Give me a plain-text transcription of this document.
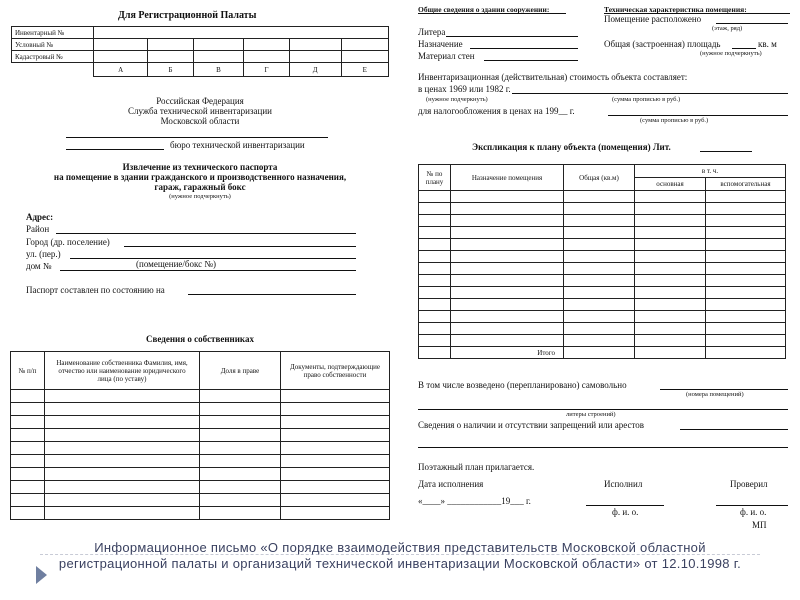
Для Регистрационной Палаты
Инвентарный №						
Условный №						
Кадастровый №						
	А	Б	В	Г	Д	Е
Российская Федерация
Служба технической инвентаризации
Московской области
бюро технической инвентаризации
Извлечение из технического паспорта
на помещение в здании гражданского и производственного назначения,
гараж, гаражный бокс
(нужное подчеркнуть)
Адрес:
Район
Город (др. поселение)
ул. (пер.)
дом №	(помещение/бокс №)
Паспорт составлен по состоянию на
Сведения о собственниках
№ п/п	Наименование собственника Фамилия, имя, отчество или наименование юридического лица (по уставу)	Доля в праве	Документы, подтверждающие право собственности

Общие сведения о здании сооружении:	Техническая характеристика помещения:
Литера
Назначение
Материал стен
Помещение расположено
(этаж, ряд)
Общая (застроенная) площадь	кв. м
(нужное подчеркнуть)
Инвентаризационная (действительная) стоимость объекта составляет:
в ценах 1969 или 1982 г.
(нужное подчеркнуть)	(сумма прописью в руб.)
для налогообложения в ценах на 199__ г.
(сумма прописью в руб.)
Экспликация к плану объекта (помещения) Лит.
№ по плану	Назначение помещения	Общая (кв.м)	в т. ч.	
			основная	вспомогательная

	Итого			
В том числе возведено (перепланировано) самовольно
(номера помещений)
литеры строений)
Сведения о наличии и отсутствии запрещений или арестов
Поэтажный план прилагается.
Дата исполнения	Исполнил	Проверил
«____» ____________19___ г.
ф. и. о.	ф. и. о.
МП
Информационное письмо «О порядке взаимодействия представительств Московской областной регистрационной палаты и организаций технической инвентаризации Московской области» от 12.10.1998 г.
